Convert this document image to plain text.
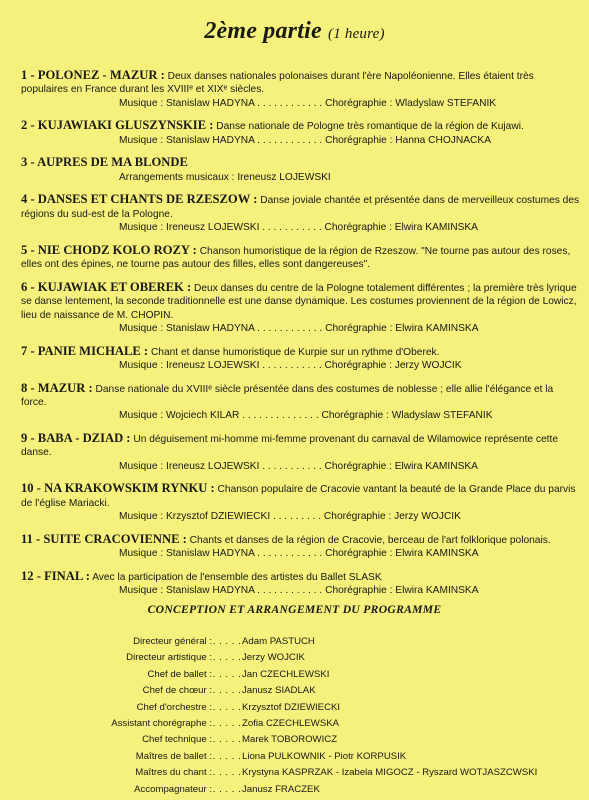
2ème partie (1 heure)
1 - POLONEZ - MAZUR : Deux danses nationales polonaises durant l'ère Napoléonienne. Elles étaient très populaires en France durant les XVIIIᵉ et XIXᵉ siècles.
Musique : Stanislaw HADYNA . . . . . . . . . . . . Chorégraphie : Wladyslaw STEFANIK
2 - KUJAWIAKI GLUSZYNSKIE : Danse nationale de Pologne très romantique de la région de Kujawi.
Musique : Stanislaw HADYNA . . . . . . . . . . . . Chorégraphie : Hanna CHOJNACKA
3 - AUPRES DE MA BLONDE
Arrangements musicaux : Ireneusz LOJEWSKI
4 - DANSES ET CHANTS DE RZESZOW : Danse joviale chantée et présentée dans de merveilleux costumes des régions du sud-est de la Pologne.
Musique : Ireneusz LOJEWSKI . . . . . . . . . . . Chorégraphie : Elwira KAMINSKA
5 - NIE CHODZ KOLO ROZY : Chanson humoristique de la région de Rzeszow. "Ne tourne pas autour des roses, elles ont des épines, ne tourne pas autour des filles, elles sont dangereuses".
6 - KUJAWIAK ET OBEREK : Deux danses du centre de la Pologne totalement différentes ; la première très lyrique se danse lentement, la seconde traditionnelle est une danse dynamique. Les costumes proviennent de la région de Lowicz, lieu de naissance de M. CHOPIN.
Musique : Stanislaw HADYNA . . . . . . . . . . . . Chorégraphie : Elwira KAMINSKA
7 - PANIE MICHALE : Chant et danse humoristique de Kurpie sur un rythme d'Oberek.
Musique : Ireneusz LOJEWSKI . . . . . . . . . . . Chorégraphie : Jerzy WOJCIK
8 - MAZUR : Danse nationale du XVIIIᵉ siècle présentée dans des costumes de noblesse ; elle allie l'élégance et la force.
Musique : Wojciech KILAR . . . . . . . . . . . . . . Chorégraphie : Wladyslaw STEFANIK
9 - BABA - DZIAD : Un déguisement mi-homme mi-femme provenant du carnaval de Wilamowice représente cette danse.
Musique : Ireneusz LOJEWSKI . . . . . . . . . . . Chorégraphie : Elwira KAMINSKA
10 - NA KRAKOWSKIM RYNKU : Chanson populaire de Cracovie vantant la beauté de la Grande Place du parvis de l'église Mariacki.
Musique : Krzysztof DZIEWIECKI . . . . . . . . . Chorégraphie : Jerzy WOJCIK
11 - SUITE CRACOVIENNE : Chants et danses de la région de Cracovie, berceau de l'art folklorique polonais.
Musique : Stanislaw HADYNA . . . . . . . . . . . . Chorégraphie : Elwira KAMINSKA
12 - FINAL : Avec la participation de l'ensemble des artistes du Ballet SLASK
Musique : Stanislaw HADYNA . . . . . . . . . . . . Chorégraphie : Elwira KAMINSKA
CONCEPTION ET ARRANGEMENT DU PROGRAMME
Directeur général :. . . . .Adam PASTUCH
Directeur artistique :. . . . .Jerzy WOJCIK
Chef de ballet :. . . . .Jan CZECHLEWSKI
Chef de chœur :. . . . .Janusz SIADLAK
Chef d'orchestre :. . . . .Krzysztof DZIEWIECKI
Assistant chorégraphe :. . . . .Zofia CZECHLEWSKA
Chef technique :. . . . .Marek TOBOROWICZ
Maîtres de ballet :. . . . .Liona PULKOWNIK - Piotr KORPUSIK
Maîtres du chant :. . . . .Krystyna KASPRZAK - Izabela MIGOCZ - Ryszard WOTJASZCWSKI
Accompagnateur :. . . . .Janusz FRACZEK
